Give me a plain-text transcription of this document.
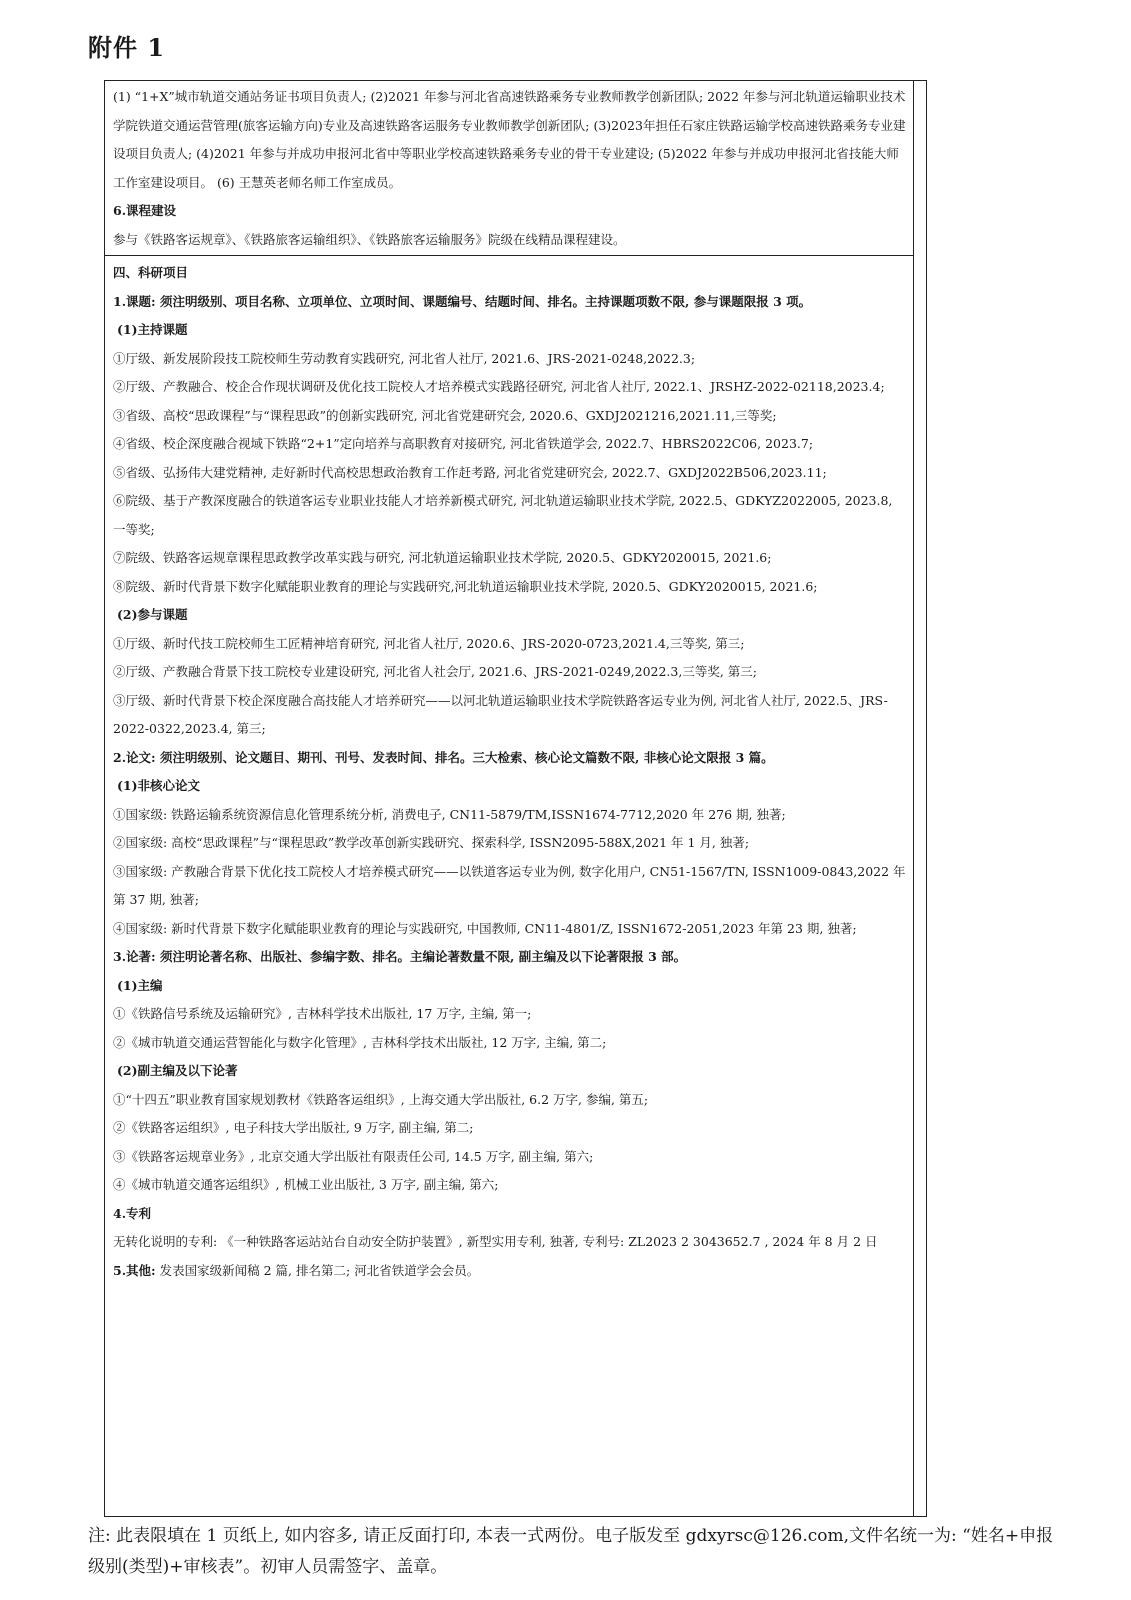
附件 1
(1) “1+X”城市轨道交通站务证书项目负责人; (2)2021 年参与河北省高速铁路乘务专业教师教学创新团队; 2022 年参与河北轨道运输职业技术学院铁道交通运营管理(旅客运输方向)专业及高速铁路客运服务专业教师教学创新团队; (3)2023年担任石家庄铁路运输学校高速铁路乘务专业建设项目负责人; (4)2021 年参与并成功申报河北省中等职业学校高速铁路乘务专业的骨干专业建设; (5)2022 年参与并成功申报河北省技能大师工作室建设项目。 (6) 王慧英老师名师工作室成员。
6.课程建设
参与《铁路客运规章》、《铁路旅客运输组织》、《铁路旅客运输服务》院级在线精品课程建设。
四、科研项目
1.课题: 须注明级别、项目名称、立项单位、立项时间、课题编号、结题时间、排名。主持课题项数不限, 参与课题限报 3 项。
(1)主持课题
①厅级、新发展阶段技工院校师生劳动教育实践研究, 河北省人社厅, 2021.6、JRS-2021-0248,2022.3;
②厅级、产教融合、校企合作现状调研及优化技工院校人才培养模式实践路径研究, 河北省人社厅, 2022.1、JRSHZ-2022-02118,2023.4;
③省级、高校“思政课程”与“课程思政”的创新实践研究, 河北省党建研究会, 2020.6、GXDJ2021216,2021.11,三等奖;
④省级、校企深度融合视域下铁路“2+1”定向培养与高职教育对接研究, 河北省铁道学会, 2022.7、HBRS2022C06, 2023.7;
⑤省级、弘扬伟大建党精神, 走好新时代高校思想政治教育工作赶考路, 河北省党建研究会, 2022.7、GXDJ2022B506,2023.11;
⑥院级、基于产教深度融合的铁道客运专业职业技能人才培养新模式研究, 河北轨道运输职业技术学院, 2022.5、GDKYZ2022005, 2023.8, 一等奖;
⑦院级、铁路客运规章课程思政教学改革实践与研究, 河北轨道运输职业技术学院, 2020.5、GDKY2020015, 2021.6;
⑧院级、新时代背景下数字化赋能职业教育的理论与实践研究,河北轨道运输职业技术学院, 2020.5、GDKY2020015, 2021.6;
(2)参与课题
①厅级、新时代技工院校师生工匠精神培育研究, 河北省人社厅, 2020.6、JRS-2020-0723,2021.4,三等奖, 第三;
②厅级、产教融合背景下技工院校专业建设研究, 河北省人社会厅, 2021.6、JRS-2021-0249,2022.3,三等奖, 第三;
③厅级、新时代背景下校企深度融合高技能人才培养研究——以河北轨道运输职业技术学院铁路客运专业为例, 河北省人社厅, 2022.5、JRS-2022-0322,2023.4, 第三;
2.论文: 须注明级别、论文题目、期刊、刊号、发表时间、排名。三大检索、核心论文篇数不限, 非核心论文限报 3 篇。
(1)非核心论文
①国家级: 铁路运输系统资源信息化管理系统分析, 消费电子, CN11-5879/TM,ISSN1674-7712,2020 年 276 期, 独著;
②国家级: 高校“思政课程”与“课程思政”教学改革创新实践研究、探索科学, ISSN2095-588X,2021 年 1 月, 独著;
③国家级: 产教融合背景下优化技工院校人才培养模式研究——以铁道客运专业为例, 数字化用户, CN51-1567/TN, ISSN1009-0843,2022 年第 37 期, 独著;
④国家级: 新时代背景下数字化赋能职业教育的理论与实践研究, 中国教师, CN11-4801/Z, ISSN1672-2051,2023 年第 23 期, 独著;
3.论著: 须注明论著名称、出版社、参编字数、排名。主编论著数量不限, 副主编及以下论著限报 3 部。
(1)主编
①《铁路信号系统及运输研究》, 吉林科学技术出版社, 17 万字, 主编, 第一;
②《城市轨道交通运营智能化与数字化管理》, 吉林科学技术出版社, 12 万字, 主编, 第二;
(2)副主编及以下论著
①“十四五”职业教育国家规划教材《铁路客运组织》, 上海交通大学出版社, 6.2 万字, 参编, 第五;
②《铁路客运组织》, 电子科技大学出版社, 9 万字, 副主编, 第二;
③《铁路客运规章业务》, 北京交通大学出版社有限责任公司, 14.5 万字, 副主编, 第六;
④《城市轨道交通客运组织》, 机械工业出版社, 3 万字, 副主编, 第六;
4.专利
无转化说明的专利: 《一种铁路客运站站台自动安全防护装置》, 新型实用专利, 独著, 专利号: ZL2023 2 3043652.7 , 2024 年 8 月 2 日
5.其他: 发表国家级新闻稿 2 篇, 排名第二; 河北省铁道学会会员。
注: 此表限填在 1 页纸上, 如内容多, 请正反面打印, 本表一式两份。电子版发至 gdxyrsc@126.com,文件名统一为: “姓名+申报级别(类型)+审核表”。初审人员需签字、盖章。
